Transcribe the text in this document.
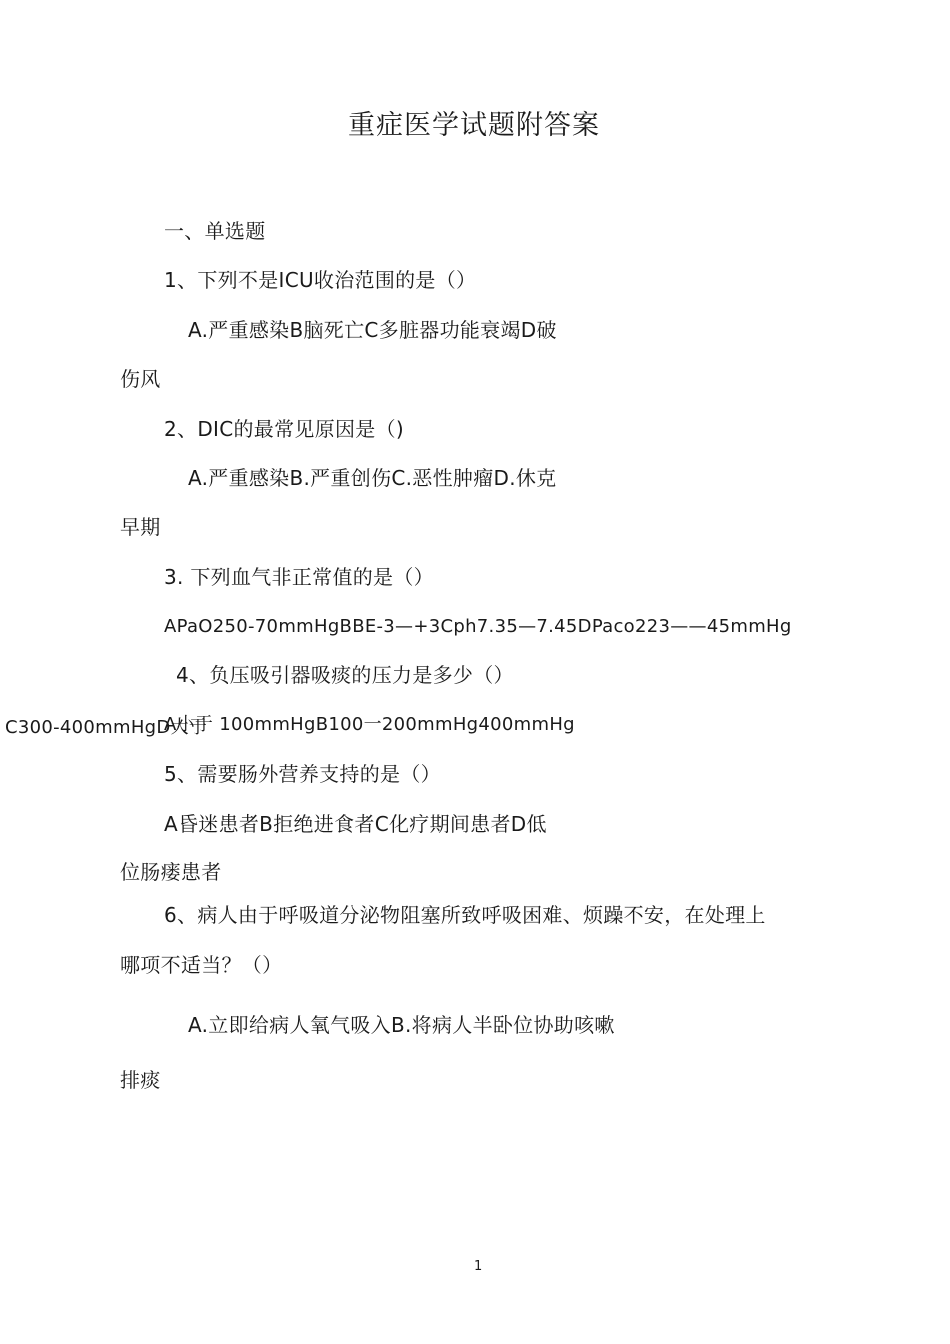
重症医学试题附答案
一、单选题
1、下列不是ICU收治范围的是（）
A.严重感染B脑死亡C多脏器功能衰竭D破
伤风
2、DIC的最常见原因是（)
A.严重感染B.严重创伤C.恶性肿瘤D.休克
早期
3. 下列血气非正常值的是（）
APaO250-70mmHgBBE-3—+3Cph7.35—7.45DPaco223——45mmHg
4、负压吸引器吸痰的压力是多少（）
C300-400mmHgD大于
A小于 100mmHgB100一200mmHg400mmHg
5、需要肠外营养支持的是（）
A昏迷患者B拒绝进食者C化疗期间患者D低
位肠瘘患者
6、病人由于呼吸道分泌物阻塞所致呼吸困难、烦躁不安，在处理上
哪项不适当？（）
A.立即给病人氧气吸入B.将病人半卧位协助咳嗽
排痰
1
